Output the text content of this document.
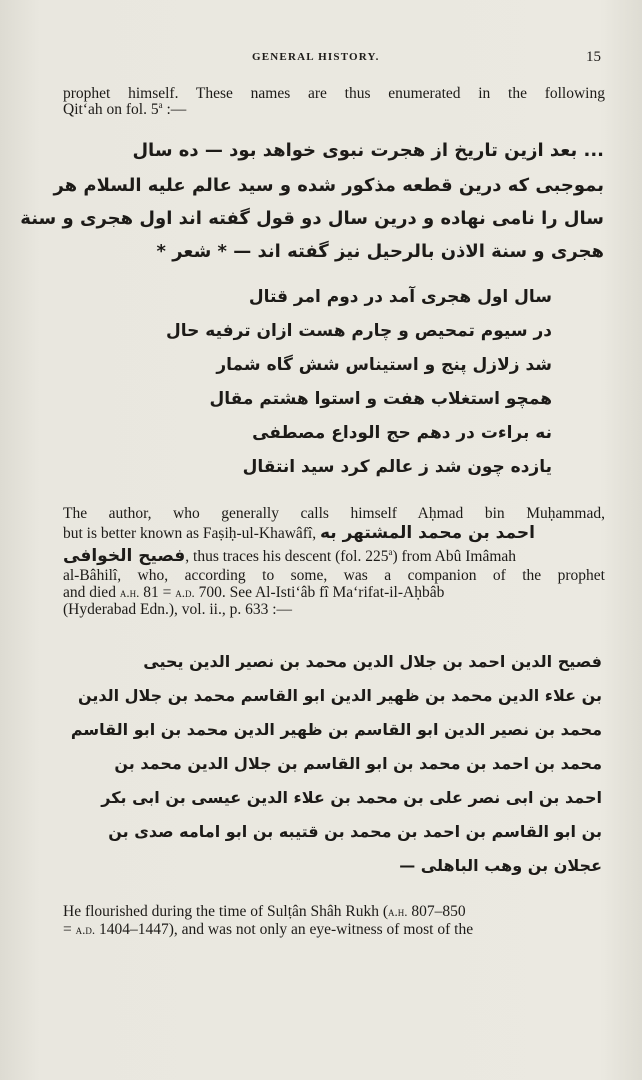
GENERAL HISTORY.	15
prophet himself. These names are thus enumerated in the following
Qit‘ah on fol. 5$^a$ :—
... بعد ازین تاریخ از هجرت نبوی خواهد بود — ده سال
بموجبی که درین قطعه مذکور شده و سید عالم علیه السلام هر
سال را نامی نهاده و درین سال دو قول گفته اند اول هجری و سنة
هجری و سنة الاذن بالرحیل نیز گفته اند — * شعر *
سال اول هجری آمد در دوم امر قتال
در سیوم تمحیص و چارم هست ازان ترفیه حال
شد زلازل پنج و استیناس شش گاه شمار
همچو استغلاب هفت و استوا هشتم مقال
نه براءت در دهم حج الوداع مصطفی
یازده چون شد ز عالم کرد سید انتقال
The author, who generally calls himself Aḥmad bin Muḥammad,
but is better known as Faṣiḥ-ul-Khawâfî, احمد بن محمد المشتهر به
فصیح الخوافی, thus traces his descent (fol. 225$^a$) from Abû Imâmah
al-Bâhilî, who, according to some, was a companion of the prophet
and died a.h. 81 = a.d. 700. See Al-Isti‘âb fî Ma‘rifat-il-Aḥbâb
(Hyderabad Edn.), vol. ii., p. 633 :—
فصیح الدین احمد بن جلال الدین محمد بن نصیر الدین یحیی
بن علاء الدین محمد بن ظهیر الدین ابو القاسم محمد بن جلال الدین
محمد بن نصیر الدین ابو القاسم بن ظهیر الدین محمد بن ابو القاسم
محمد بن احمد بن محمد بن ابو القاسم بن جلال الدین محمد بن
احمد بن ابی نصر علی بن محمد بن علاء الدین عیسی بن ابی بکر
بن ابو القاسم بن احمد بن محمد بن قتیبه بن ابو امامه صدی بن
عجلان بن وهب الباهلی —
He flourished during the time of Sulṭân Shâh Rukh (a.h. 807–850
= a.d. 1404–1447), and was not only an eye-witness of most of the
